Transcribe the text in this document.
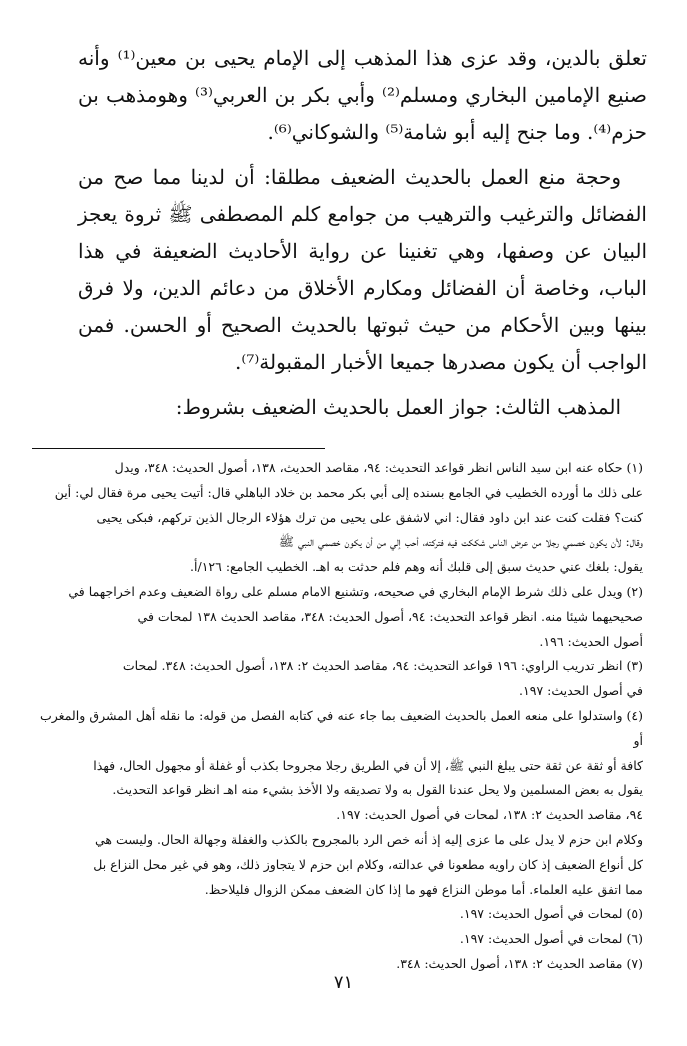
تعلق بالدين، وقد عزى هذا المذهب إلى الإمام يحيى بن معين⁽¹⁾ وأنه صنيع الإمامين البخاري ومسلم⁽²⁾ وأبي بكر بن العربي⁽³⁾ وهومذهب بن حزم⁽⁴⁾. وما جنح إليه أبو شامة⁽⁵⁾ والشوكاني⁽⁶⁾.

وحجة منع العمل بالحديث الضعيف مطلقا: أن لدينا مما صح من الفضائل والترغيب والترهيب من جوامع كلم المصطفى ﷺ ثروة يعجز البيان عن وصفها، وهي تغنينا عن رواية الأحاديث الضعيفة في هذا الباب، وخاصة أن الفضائل ومكارم الأخلاق من دعائم الدين، ولا فرق بينها وبين الأحكام من حيث ثبوتها بالحديث الصحيح أو الحسن. فمن الواجب أن يكون مصدرها جميعا الأخبار المقبولة⁽⁷⁾.

المذهب الثالث: جواز العمل بالحديث الضعيف بشروط:

(١)حكاه عنه ابن سيد الناس انظر قواعد التحديث: ٩٤، مقاصد الحديث، ١٣٨، أصول الحديث: ٣٤٨، ويدل
على ذلك ما أورده الخطيب في الجامع بسنده إلى أبي بكر محمد بن خلاد الباهلي قال: أتيت يحيى مرة فقال لي: أين
كنت؟ فقلت كنت عند ابن داود فقال: اني لاشفق على يحيى من ترك هؤلاء الرجال الذين تركهم، فبكى يحيى
وقال: لأن يكون خصمي رجلا من عرض الناس شككت فيه فتركته، أحب إلي من أن يكون خصمي النبي ﷺ
يقول: بلغك عني حديث سبق إلى قلبك أنه وهم فلم حدثت به اهـ. الخطيب الجامع: ١٢٦/أ.
(٢)ويدل على ذلك شرط الإمام البخاري في صحيحه، وتشنيع الامام مسلم على رواة الضعيف وعدم اخراجهما في
صحيحيهما شيئا منه. انظر قواعد التحديث: ٩٤، أصول الحديث: ٣٤٨، مقاصد الحديث ١٣٨ لمحات في
أصول الحديث: ١٩٦.
(٣)انظر تدريب الراوي: ١٩٦ قواعد التحديث: ٩٤، مقاصد الحديث ٢: ١٣٨، أصول الحديث: ٣٤٨. لمحات
في أصول الحديث: ١٩٧.
(٤)واستدلوا على منعه العمل بالحديث الضعيف بما جاء عنه في كتابه الفصل من قوله: ما نقله أهل المشرق والمغرب أو
كافة أو ثقة عن ثقة حتى يبلغ النبي ﷺ، إلا أن في الطريق رجلا مجروحا بكذب أو غفلة أو مجهول الحال، فهذا
يقول به بعض المسلمين ولا يحل عندنا القول به ولا تصديقه ولا الأخذ بشيء منه اهـ انظر قواعد التحديث.
٩٤، مقاصد الحديث ٢: ١٣٨، لمحات في أصول الحديث: ١٩٧.
وكلام ابن حزم لا يدل على ما عزى إليه إذ أنه خص الرد بالمجروح بالكذب والغفلة وجهالة الحال. وليست هي
كل أنواع الضعيف إذ كان راويه مطعونا في عدالته، وكلام ابن حزم لا يتجاوز ذلك، وهو في غير محل النزاع بل
مما اتفق عليه العلماء. أما موطن النزاع فهو ما إذا كان الضعف ممكن الزوال فليلاحظ.
(٥)لمحات في أصول الحديث: ١٩٧.
(٦)لمحات في أصول الحديث: ١٩٧.
(٧)مقاصد الحديث ٢: ١٣٨، أصول الحديث: ٣٤٨.
٧١
